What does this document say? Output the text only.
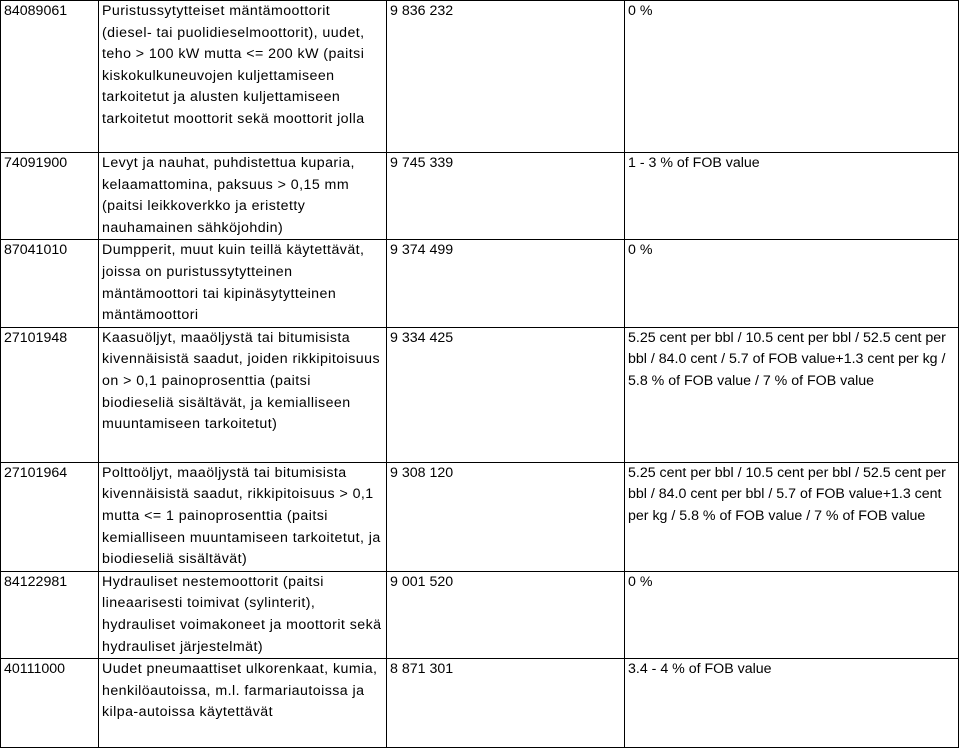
84089061	Puristussytytteiset mäntämoottorit (diesel- tai puolidieselmoottorit), uudet, teho > 100 kW mutta <= 200 kW (paitsi kiskokulkuneuvojen kuljettamiseen tarkoitetut ja alusten kuljettamiseen tarkoitetut moottorit sekä moottorit jolla	9 836 232	0 %
74091900	Levyt ja nauhat, puhdistettua kuparia, kelaamattomina, paksuus > 0,15 mm (paitsi leikkoverkko ja eristetty nauhamainen sähköjohdin)	9 745 339	1 - 3 % of FOB value
87041010	Dumpperit, muut kuin teillä käytettävät, joissa on puristussytytteinen mäntämoottori tai kipinäsytytteinen mäntämoottori	9 374 499	0 %
27101948	Kaasuöljyt, maaöljystä tai bitumisista kivennäisistä saadut, joiden rikkipitoisuus on > 0,1 painoprosenttia (paitsi biodieseliä sisältävät, ja kemialliseen muuntamiseen tarkoitetut)	9 334 425	5.25 cent per bbl / 10.5 cent per bbl / 52.5 cent per bbl / 84.0 cent / 5.7 of FOB value+1.3 cent per kg / 5.8 % of FOB value / 7 % of FOB value
27101964	Polttoöljyt, maaöljystä tai bitumisista kivennäisistä saadut, rikkipitoisuus > 0,1 mutta <= 1 painoprosenttia (paitsi kemialliseen muuntamiseen tarkoitetut, ja biodieseliä sisältävät)	9 308 120	5.25 cent per bbl / 10.5 cent per bbl / 52.5 cent per bbl / 84.0 cent per bbl / 5.7 of FOB value+1.3 cent per kg / 5.8 % of FOB value / 7 % of FOB value
84122981	Hydrauliset nestemoottorit (paitsi lineaarisesti toimivat (sylinterit), hydrauliset voimakoneet ja moottorit sekä hydrauliset järjestelmät)	9 001 520	0 %
40111000	Uudet pneumaattiset ulkorenkaat, kumia, henkilöautoissa, m.l. farmariautoissa ja kilpa-autoissa käytettävät	8 871 301	3.4 - 4 % of FOB value
